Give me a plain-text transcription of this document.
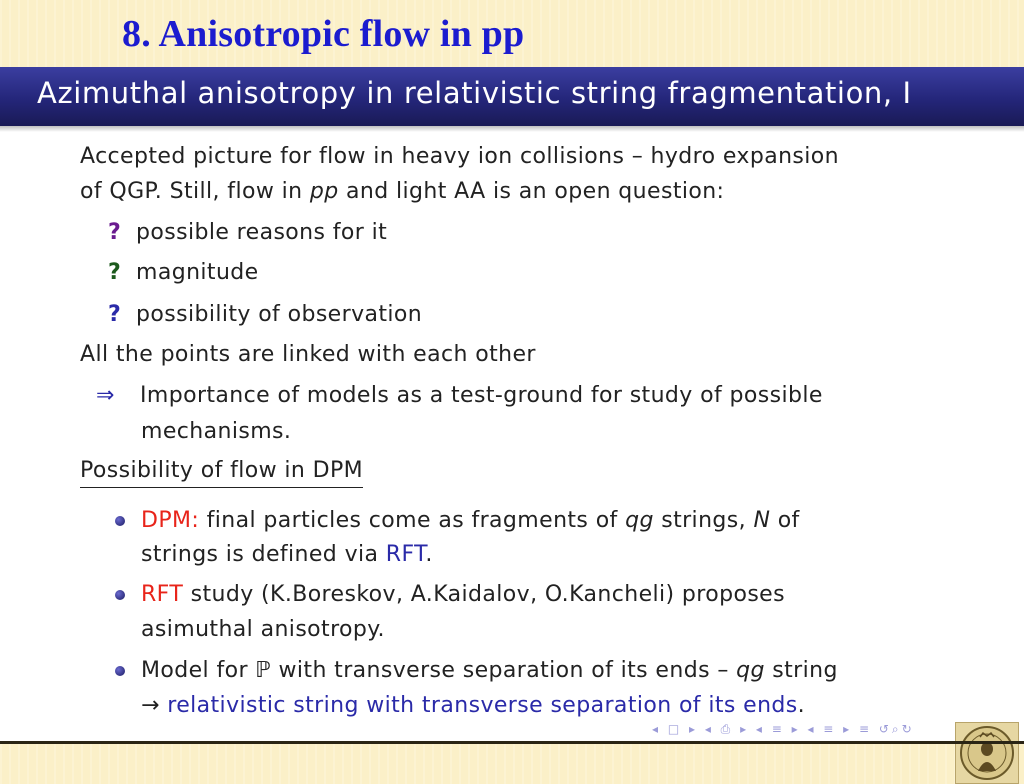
8. Anisotropic flow in pp
Azimuthal anisotropy in relativistic string fragmentation, I
Accepted picture for flow in heavy ion collisions – hydro expansion
of QGP. Still, flow in pp and light AA is an open question:
? possible reasons for it
? magnitude
? possibility of observation
All the points are linked with each other
⇒ Importance of models as a test-ground for study of possible
mechanisms.
Possibility of flow in DPM
DPM: final particles come as fragments of qg strings, N of
strings is defined via RFT.
RFT study (K.Boreskov, A.Kaidalov, O.Kancheli) proposes
asimuthal anisotropy.
Model for ℙ with transverse separation of its ends – qg string
→ relativistic string with transverse separation of its ends.
◂ □ ▸ ◂ ⎙ ▸ ◂ ≡ ▸ ◂ ≡ ▸ ≡ ↺⌕↻
